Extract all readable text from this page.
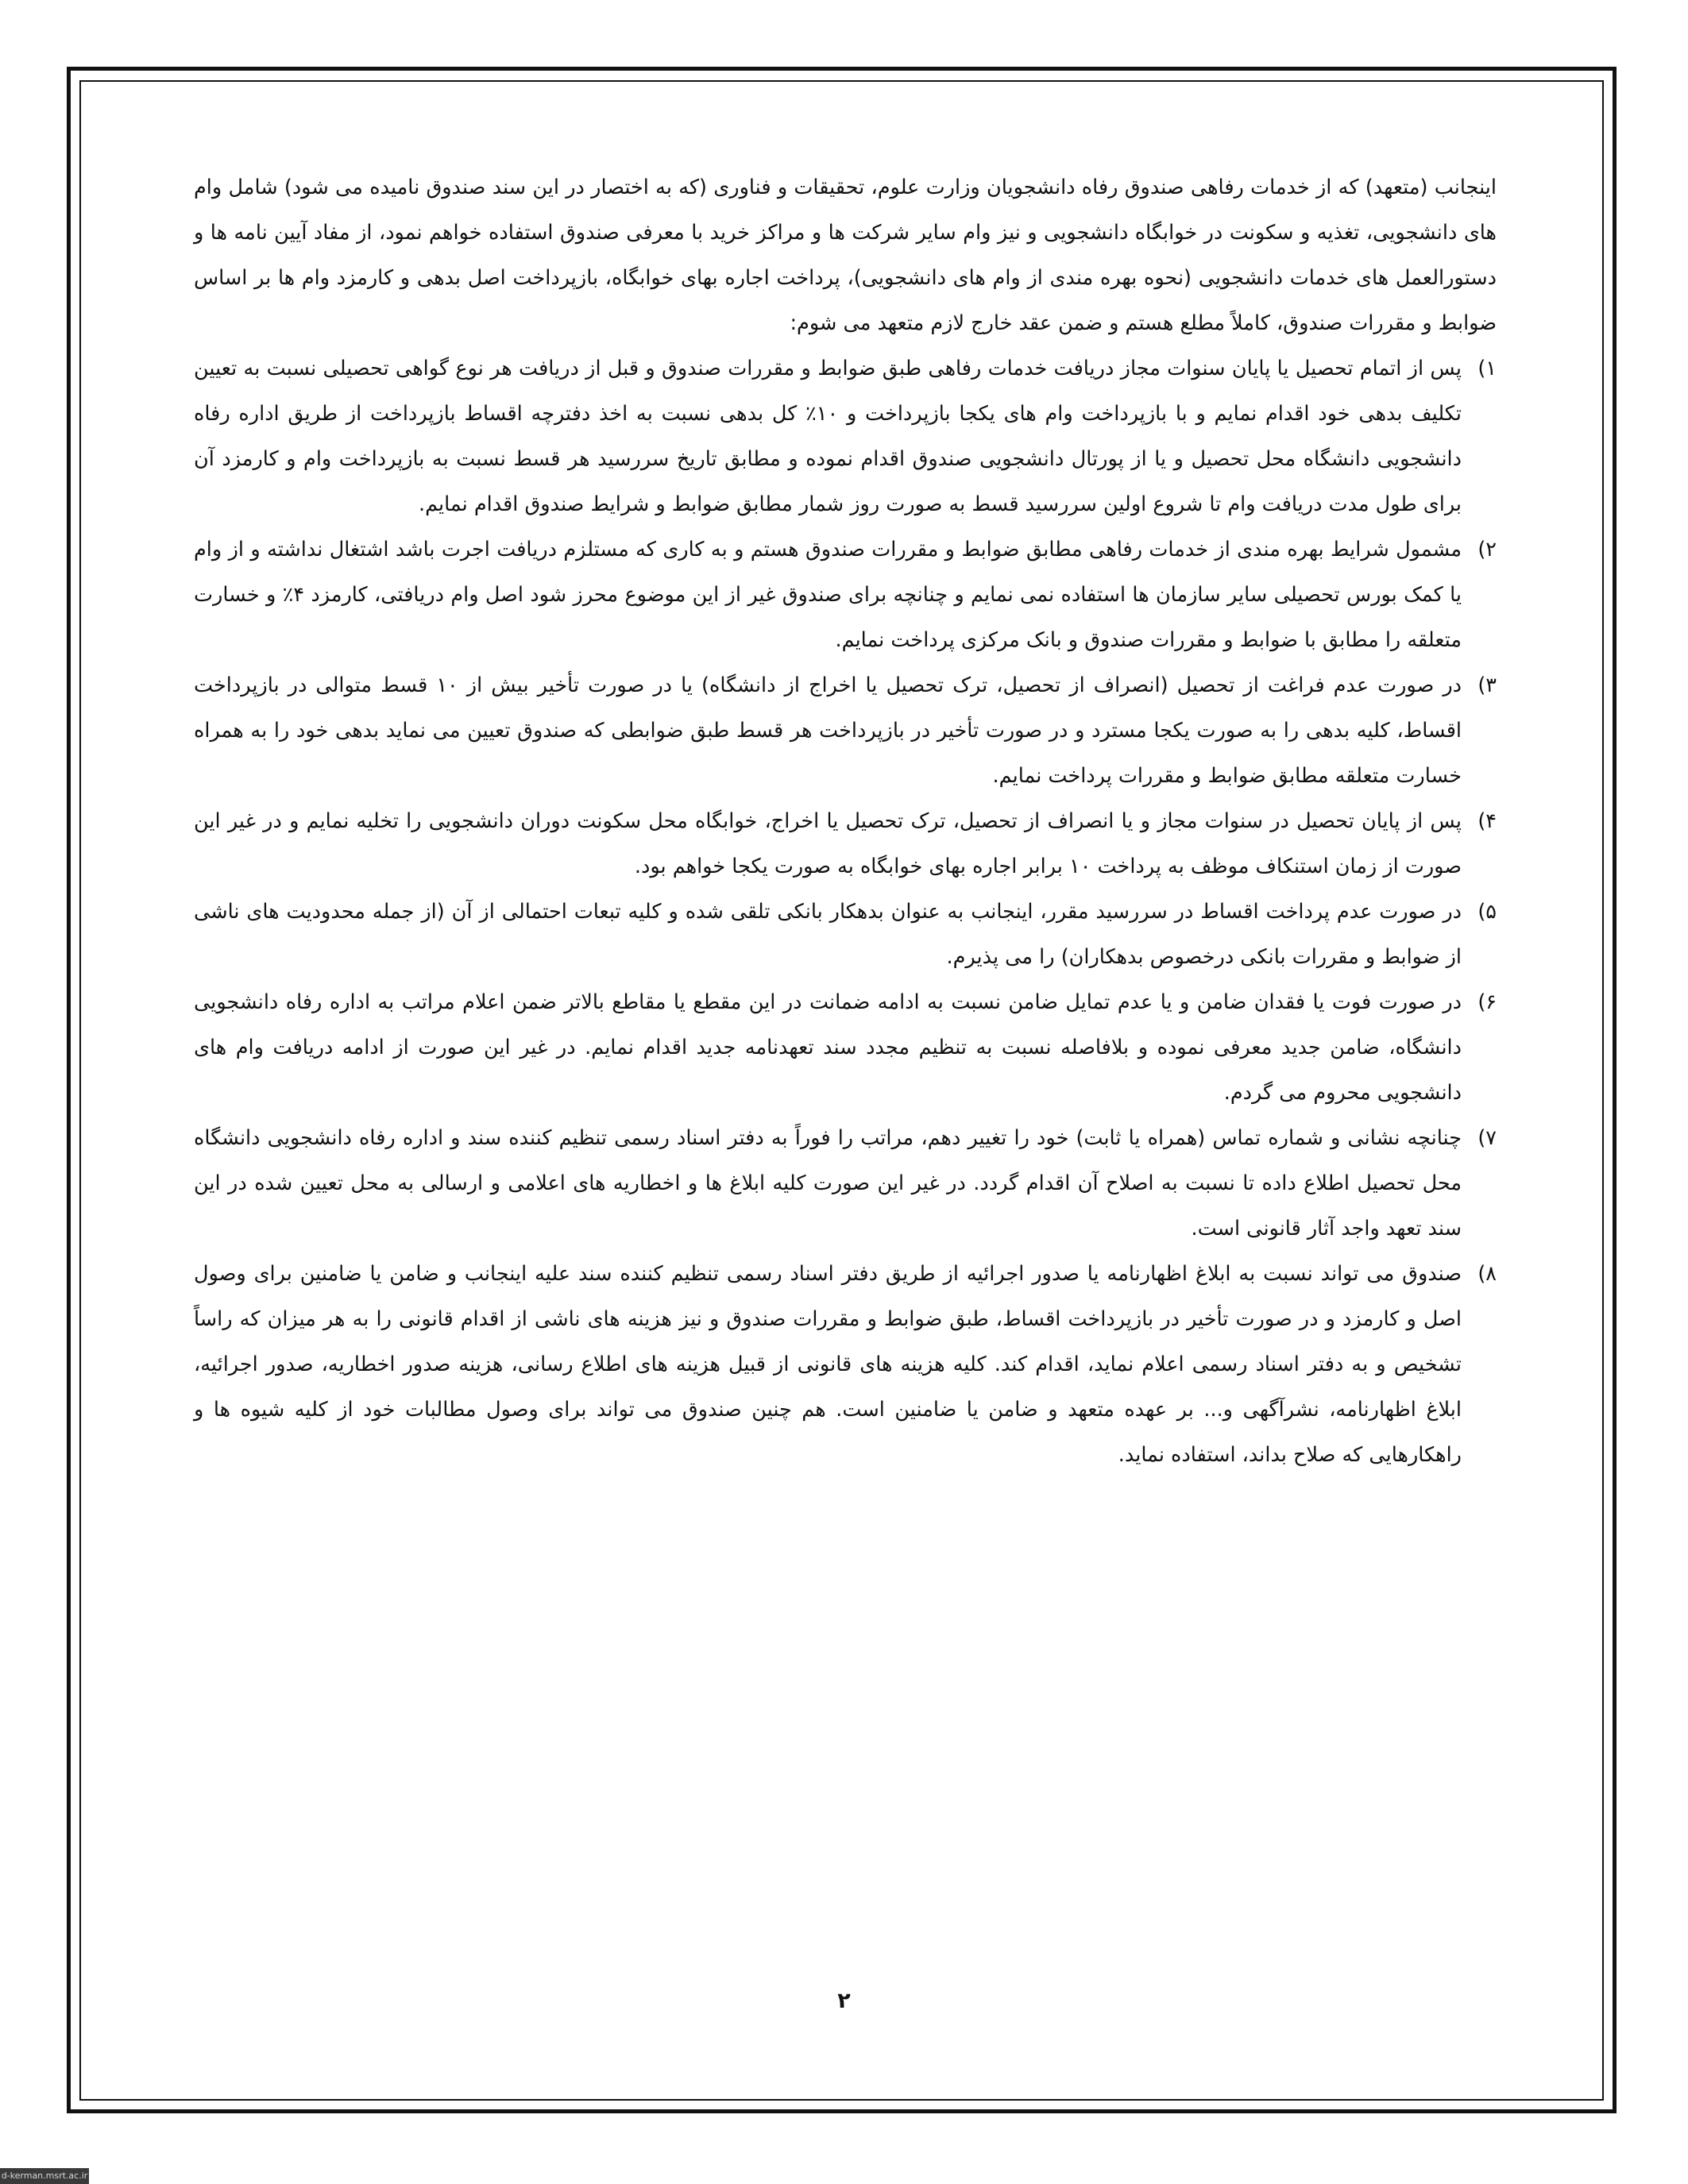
اینجانب (متعهد) که از خدمات رفاهی صندوق رفاه دانشجویان وزارت علوم، تحقیقات و فناوری (که به اختصار در این سند صندوق نامیده می شود) شامل وام های دانشجویی، تغذیه و سکونت در خوابگاه دانشجویی و نیز وام سایر شرکت ها و مراکز خرید با معرفی صندوق استفاده خواهم نمود، از مفاد آیین نامه ها و دستورالعمل های خدمات دانشجویی (نحوه بهره مندی از وام های دانشجویی)، پرداخت اجاره بهای خوابگاه، بازپرداخت اصل بدهی و کارمزد وام ها بر اساس ضوابط و مقررات صندوق، کاملاً مطلع هستم و ضمن عقد خارج لازم متعهد می شوم:

۱)
پس از اتمام تحصیل یا پایان سنوات مجاز دریافت خدمات رفاهی طبق ضوابط و مقررات صندوق و قبل از دریافت هر نوع گواهی تحصیلی نسبت به تعیین تکلیف بدهی خود اقدام نمایم و با بازپرداخت وام های یکجا بازپرداخت و ۱۰٪ کل بدهی نسبت به اخذ دفترچه اقساط بازپرداخت از طریق اداره رفاه دانشجویی دانشگاه محل تحصیل و یا از پورتال دانشجویی صندوق اقدام نموده و مطابق تاریخ سررسید هر قسط نسبت به بازپرداخت وام و کارمزد آن برای طول مدت دریافت وام تا شروع اولین سررسید قسط به صورت روز شمار مطابق ضوابط و شرایط صندوق اقدام نمایم.
۲)
مشمول شرایط بهره مندی از خدمات رفاهی مطابق ضوابط و مقررات صندوق هستم و به کاری که مستلزم دریافت اجرت باشد اشتغال نداشته و از وام یا کمک بورس تحصیلی سایر سازمان ها استفاده نمی نمایم و چنانچه برای صندوق غیر از این موضوع محرز شود اصل وام دریافتی، کارمزد ۴٪ و خسارت متعلقه را مطابق با ضوابط و مقررات صندوق و بانک مرکزی پرداخت نمایم.
۳)
در صورت عدم فراغت از تحصیل (انصراف از تحصیل، ترک تحصیل یا اخراج از دانشگاه) یا در صورت تأخیر بیش از ۱۰ قسط متوالی در بازپرداخت اقساط، کلیه بدهی را به صورت یکجا مسترد و در صورت تأخیر در بازپرداخت هر قسط طبق ضوابطی که صندوق تعیین می نماید بدهی خود را به همراه خسارت متعلقه مطابق ضوابط و مقررات پرداخت نمایم.
۴)
پس از پایان تحصیل در سنوات مجاز و یا انصراف از تحصیل، ترک تحصیل یا اخراج، خوابگاه محل سکونت دوران دانشجویی را تخلیه نمایم و در غیر این صورت از زمان استنکاف موظف به پرداخت ۱۰ برابر اجاره بهای خوابگاه به صورت یکجا خواهم بود.
۵)
در صورت عدم پرداخت اقساط در سررسید مقرر، اینجانب به عنوان بدهکار بانکی تلقی شده و کلیه تبعات احتمالی از آن (از جمله محدودیت های ناشی از ضوابط و مقررات بانکی درخصوص بدهکاران) را می پذیرم.
۶)
در صورت فوت یا فقدان ضامن و یا عدم تمایل ضامن نسبت به ادامه ضمانت در این مقطع یا مقاطع بالاتر ضمن اعلام مراتب به اداره رفاه دانشجویی دانشگاه، ضامن جدید معرفی نموده و بلافاصله نسبت به تنظیم مجدد سند تعهدنامه جدید اقدام نمایم. در غیر این صورت از ادامه دریافت وام های دانشجویی محروم می گردم.
۷)
چنانچه نشانی و شماره تماس (همراه یا ثابت) خود را تغییر دهم، مراتب را فوراً به دفتر اسناد رسمی تنظیم کننده سند و اداره رفاه دانشجویی دانشگاه محل تحصیل اطلاع داده تا نسبت به اصلاح آن اقدام گردد. در غیر این صورت کلیه ابلاغ ها و اخطاریه های اعلامی و ارسالی به محل تعیین شده در این سند تعهد واجد آثار قانونی است.
۸)
صندوق می تواند نسبت به ابلاغ اظهارنامه یا صدور اجرائیه از طریق دفتر اسناد رسمی تنظیم کننده سند علیه اینجانب و ضامن یا ضامنین برای وصول اصل و کارمزد و در صورت تأخیر در بازپرداخت اقساط، طبق ضوابط و مقررات صندوق و نیز هزینه های ناشی از اقدام قانونی را به هر میزان که راساً تشخیص و به دفتر اسناد رسمی اعلام نماید، اقدام کند. کلیه هزینه های قانونی از قبیل هزینه های اطلاع رسانی، هزینه صدور اخطاریه، صدور اجرائیه، ابلاغ اظهارنامه، نشرآگهی و... بر عهده متعهد و ضامن یا ضامنین است. هم چنین صندوق می تواند برای وصول مطالبات خود از کلیه شیوه ها و راهکارهایی که صلاح بداند، استفاده نماید.
۲
d-kerman.msrt.ac.ir
